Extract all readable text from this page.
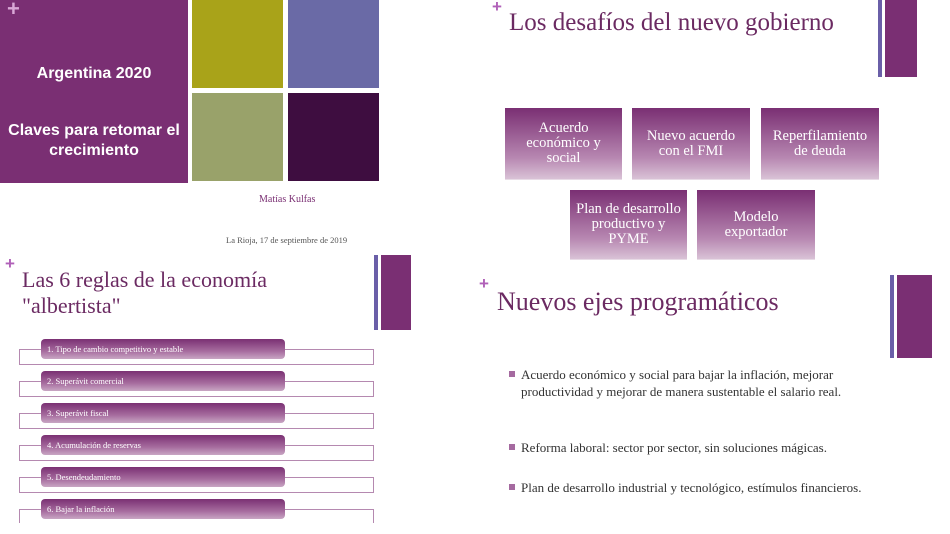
+
Argentina 2020
Claves para retomar el crecimiento
Matías Kulfas
La Rioja, 17 de septiembre de 2019
+
Los desafíos del nuevo gobierno
Acuerdo económico y social
Nuevo acuerdo con el FMI
Reperfilamiento de deuda
Plan de desarrollo productivo y PYME
Modelo exportador
+
Las 6 reglas de la economía
"albertista"
1. Tipo de cambio competitivo y estable
2. Superávit comercial
3. Superávit fiscal
4. Acumulación de reservas
5. Desendeudamiento
6. Bajar la inflación
+
Nuevos ejes programáticos
Acuerdo económico y social para bajar la inflación, mejorar productividad y mejorar de manera sustentable el salario real.
Reforma laboral: sector por sector, sin soluciones mágicas.
Plan de desarrollo industrial y tecnológico, estímulos financieros.
